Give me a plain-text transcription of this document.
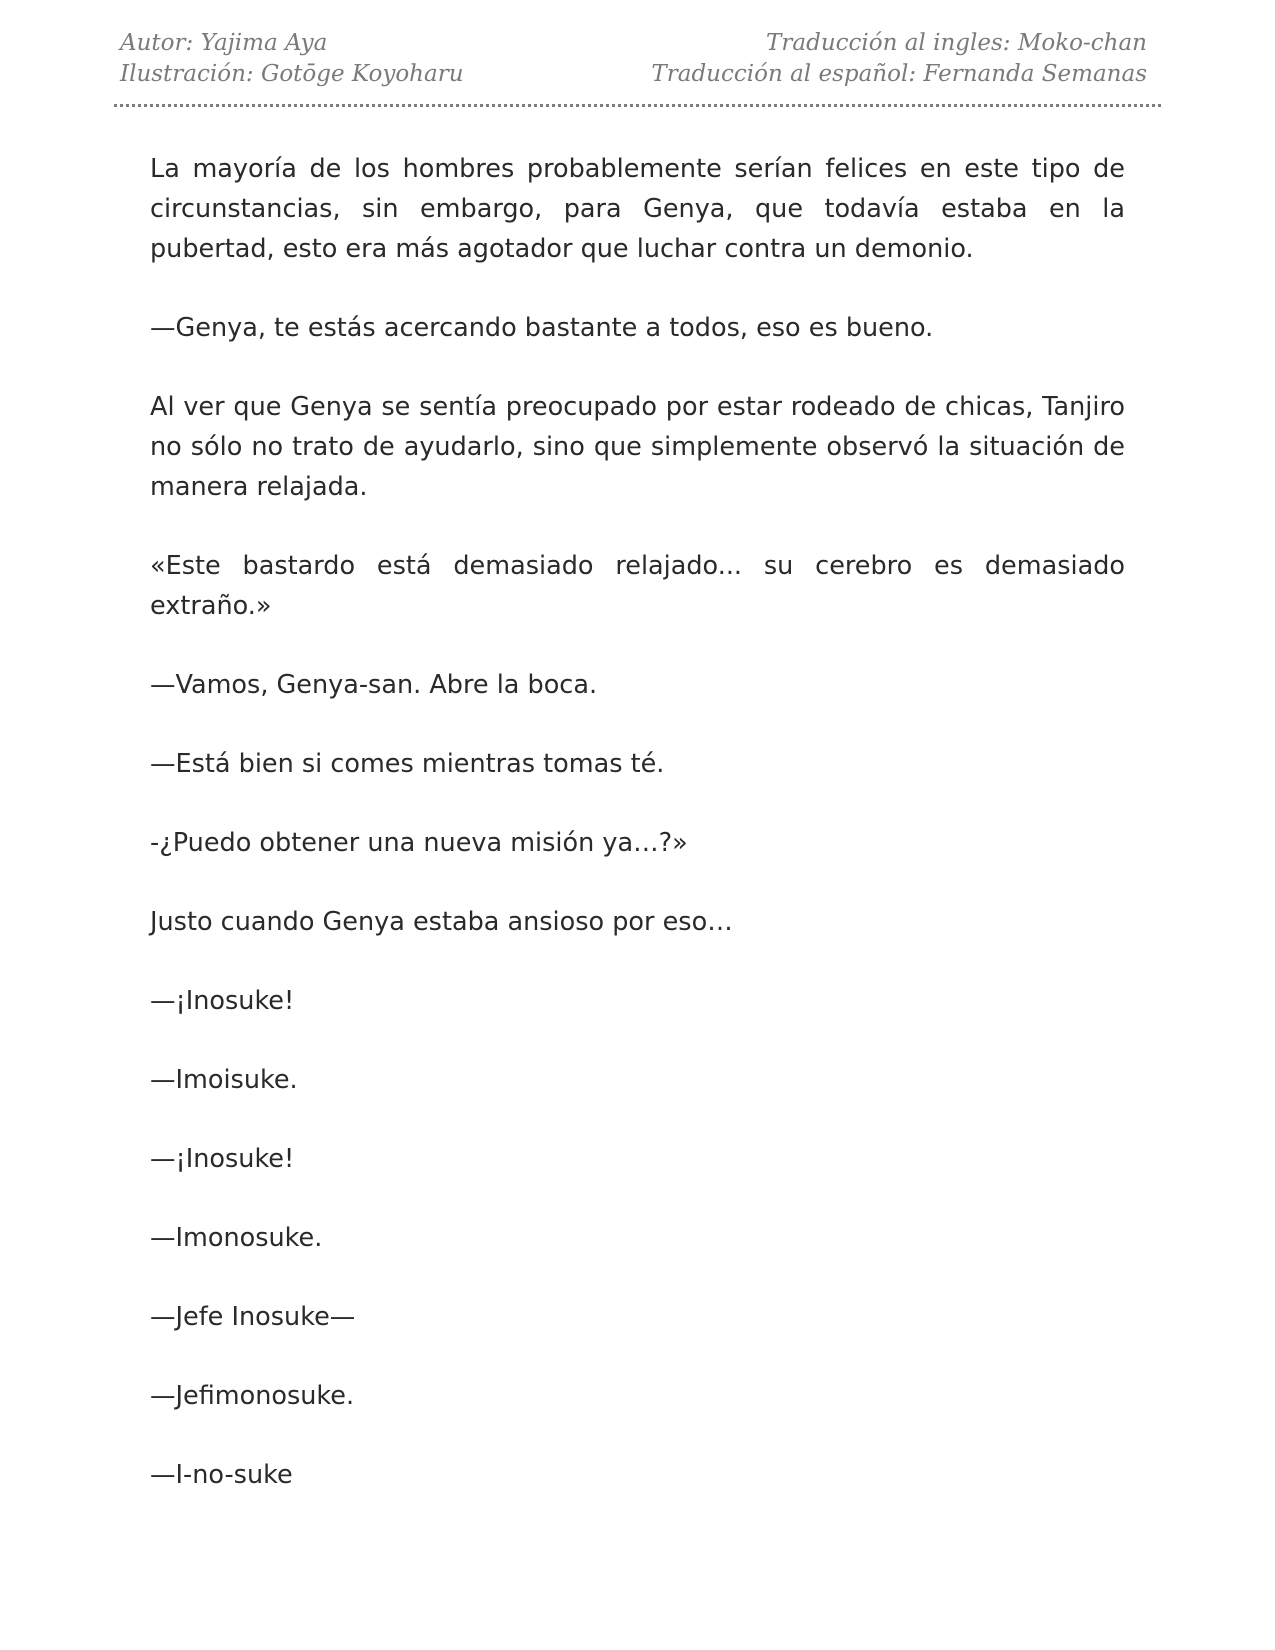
Autor: Yajima Aya
Ilustración: Gotōge Koyoharu
Traducción al ingles: Moko-chan
Traducción al español: Fernanda Semanas

La mayoría de los hombres probablemente serían felices en este tipo de circunstancias, sin embargo, para Genya, que todavía estaba en la pubertad, esto era más agotador que luchar contra un demonio.

—Genya, te estás acercando bastante a todos, eso es bueno.

Al ver que Genya se sentía preocupado por estar rodeado de chicas, Tanjiro no sólo no trato de ayudarlo, sino que simplemente observó la situación de manera relajada.

«Este bastardo está demasiado relajado... su cerebro es demasiado extraño.»

—Vamos, Genya-san. Abre la boca.

—Está bien si comes mientras tomas té.

-¿Puedo obtener una nueva misión ya…?»

Justo cuando Genya estaba ansioso por eso…

—¡Inosuke!

—Imoisuke.

—¡Inosuke!

—Imonosuke.

—Jefe Inosuke—

—Jefimonosuke.

—I-no-suke
